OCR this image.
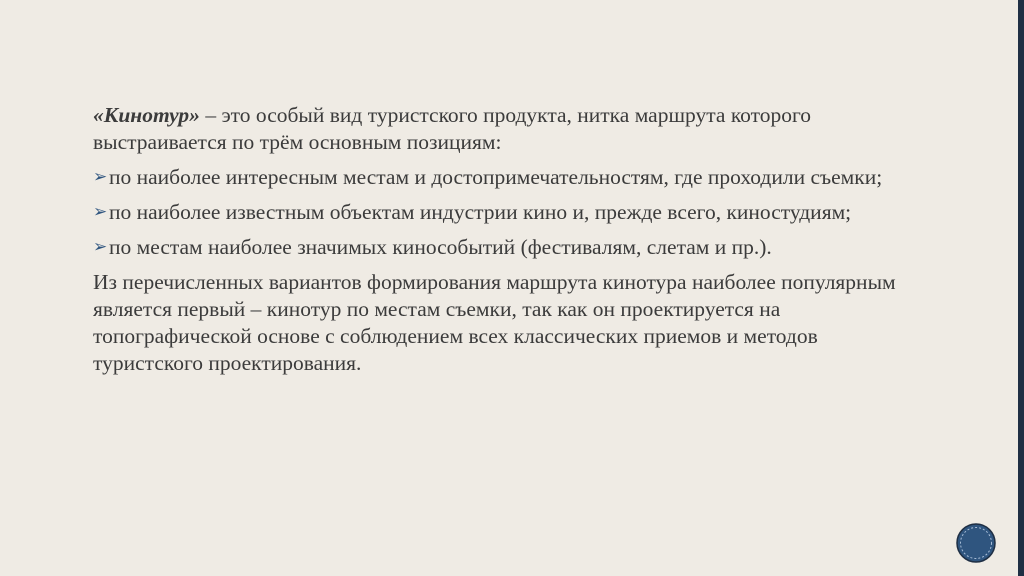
«Кинотур» – это особый вид туристского продукта, нитка маршрута которого выстраивается по трём основным позициям:

➢ по наиболее интересным местам и достопримечательностям, где проходили съемки;
➢ по наиболее известным объектам индустрии кино и, прежде всего, киностудиям;
➢ по местам наиболее значимых кинособытий (фестивалям, слетам и пр.).

Из перечисленных вариантов формирования маршрута кинотура наиболее популярным является первый – кинотур по местам съемки, так как он проектируется на топографической основе с соблюдением всех классических приемов и методов туристского проектирования.
